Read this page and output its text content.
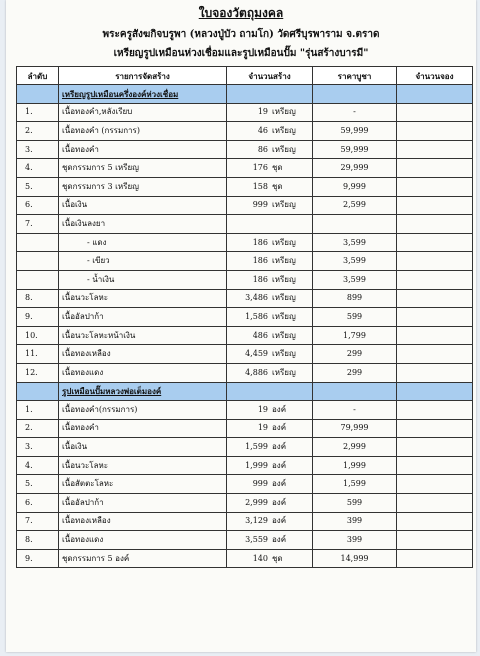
ใบจองวัตถุมงคล
พระครูสังฆกิจบรูพา (หลวงปู่บัว ถามโก) วัดศรีบุรพาราม จ.ตราด
เหรียญรูปเหมือนห่วงเชื่อมและรูปเหมือนปั๊ม "รุ่นสร้างบารมี"
ลำดับ	รายการจัดสร้าง	จำนวนสร้าง	ราคาบูชา	จำนวนจอง
	เหรียญรูปเหมือนครึ่งองค์ห่วงเชื่อม			
1.	เนื้อทองคำ,หลังเรียบ	19 เหรียญ	-	
2.	เนื้อทองคำ (กรรมการ)	46 เหรียญ	59,999	
3.	เนื้อทองคำ	86 เหรียญ	59,999	
4.	ชุดกรรมการ 5 เหรียญ	176 ชุด	29,999	
5.	ชุดกรรมการ 3 เหรียญ	158 ชุด	9,999	
6.	เนื้อเงิน	999 เหรียญ	2,599	
7.	เนื้อเงินลงยา			
	- แดง	186 เหรียญ	3,599	
	- เขียว	186 เหรียญ	3,599	
	- น้ำเงิน	186 เหรียญ	3,599	
8.	เนื้อนวะโลหะ	3,486 เหรียญ	899	
9.	เนื้ออัลปาก้า	1,586 เหรียญ	599	
10.	เนื้อนวะโลหะหน้าเงิน	486 เหรียญ	1,799	
11.	เนื้อทองเหลือง	4,459 เหรียญ	299	
12.	เนื้อทองแดง	4,886 เหรียญ	299	
	รูปเหมือนปั๊มหลวงพ่อเต็มองค์			
1.	เนื้อทองคำ(กรรมการ)	19 องค์	-	
2.	เนื้อทองคำ	19 องค์	79,999	
3.	เนื้อเงิน	1,599 องค์	2,999	
4.	เนื้อนวะโลหะ	1,999 องค์	1,999	
5.	เนื้อสัตตะโลหะ	999 องค์	1,599	
6.	เนื้ออัลปาก้า	2,999 องค์	599	
7.	เนื้อทองเหลือง	3,129 องค์	399	
8.	เนื้อทองแดง	3,559 องค์	399	
9.	ชุดกรรมการ 5 องค์	140 ชุด	14,999	
